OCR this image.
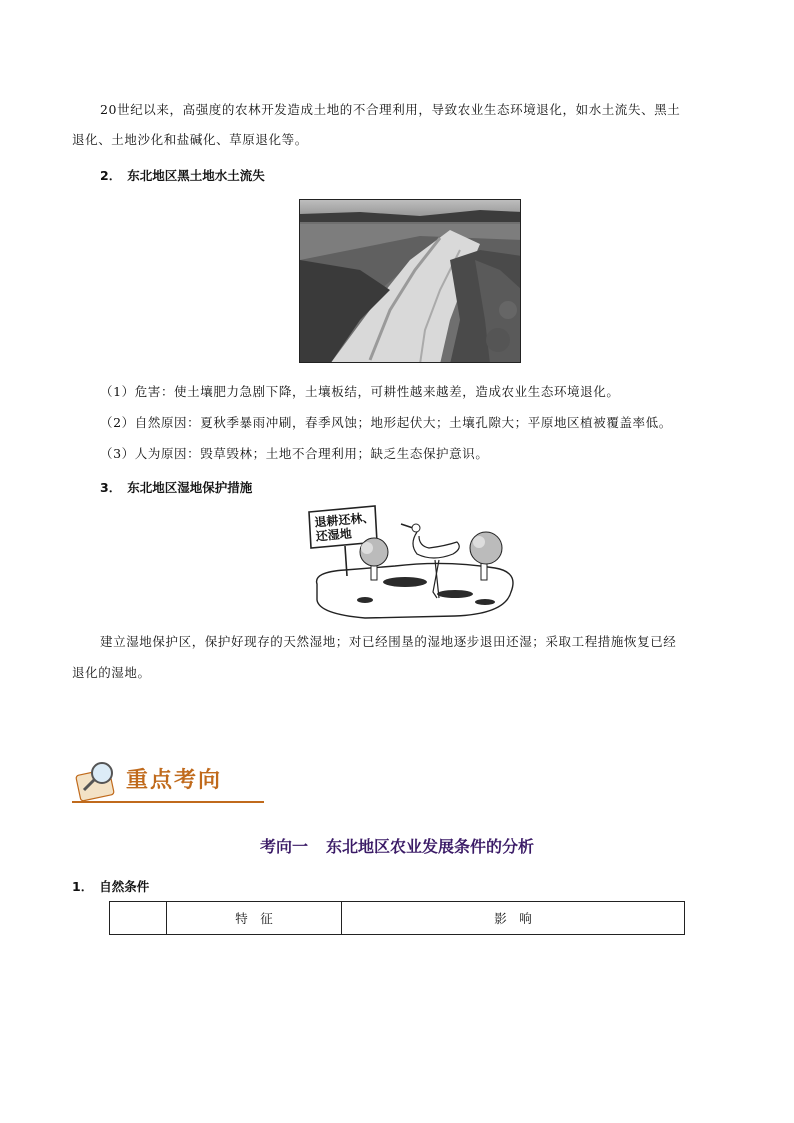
20世纪以来，高强度的农林开发造成土地的不合理利用，导致农业生态环境退化，如水土流失、黑土

退化、土地沙化和盐碱化、草原退化等。

2． 东北地区黑土地水土流失

（1）危害：使土壤肥力急剧下降，土壤板结，可耕性越来越差，造成农业生态环境退化。

（2）自然原因：夏秋季暴雨冲刷，春季风蚀；地形起伏大；土壤孔隙大；平原地区植被覆盖率低。

（3）人为原因：毁草毁林；土地不合理利用；缺乏生态保护意识。

3． 东北地区湿地保护措施

退耕还林、
还湿地

建立湿地保护区，保护好现存的天然湿地；对已经围垦的湿地逐步退田还湿；采取工程措施恢复已经

退化的湿地。

重点考向
考向一 东北地区农业发展条件的分析

1． 自然条件

	特　征	影　响
